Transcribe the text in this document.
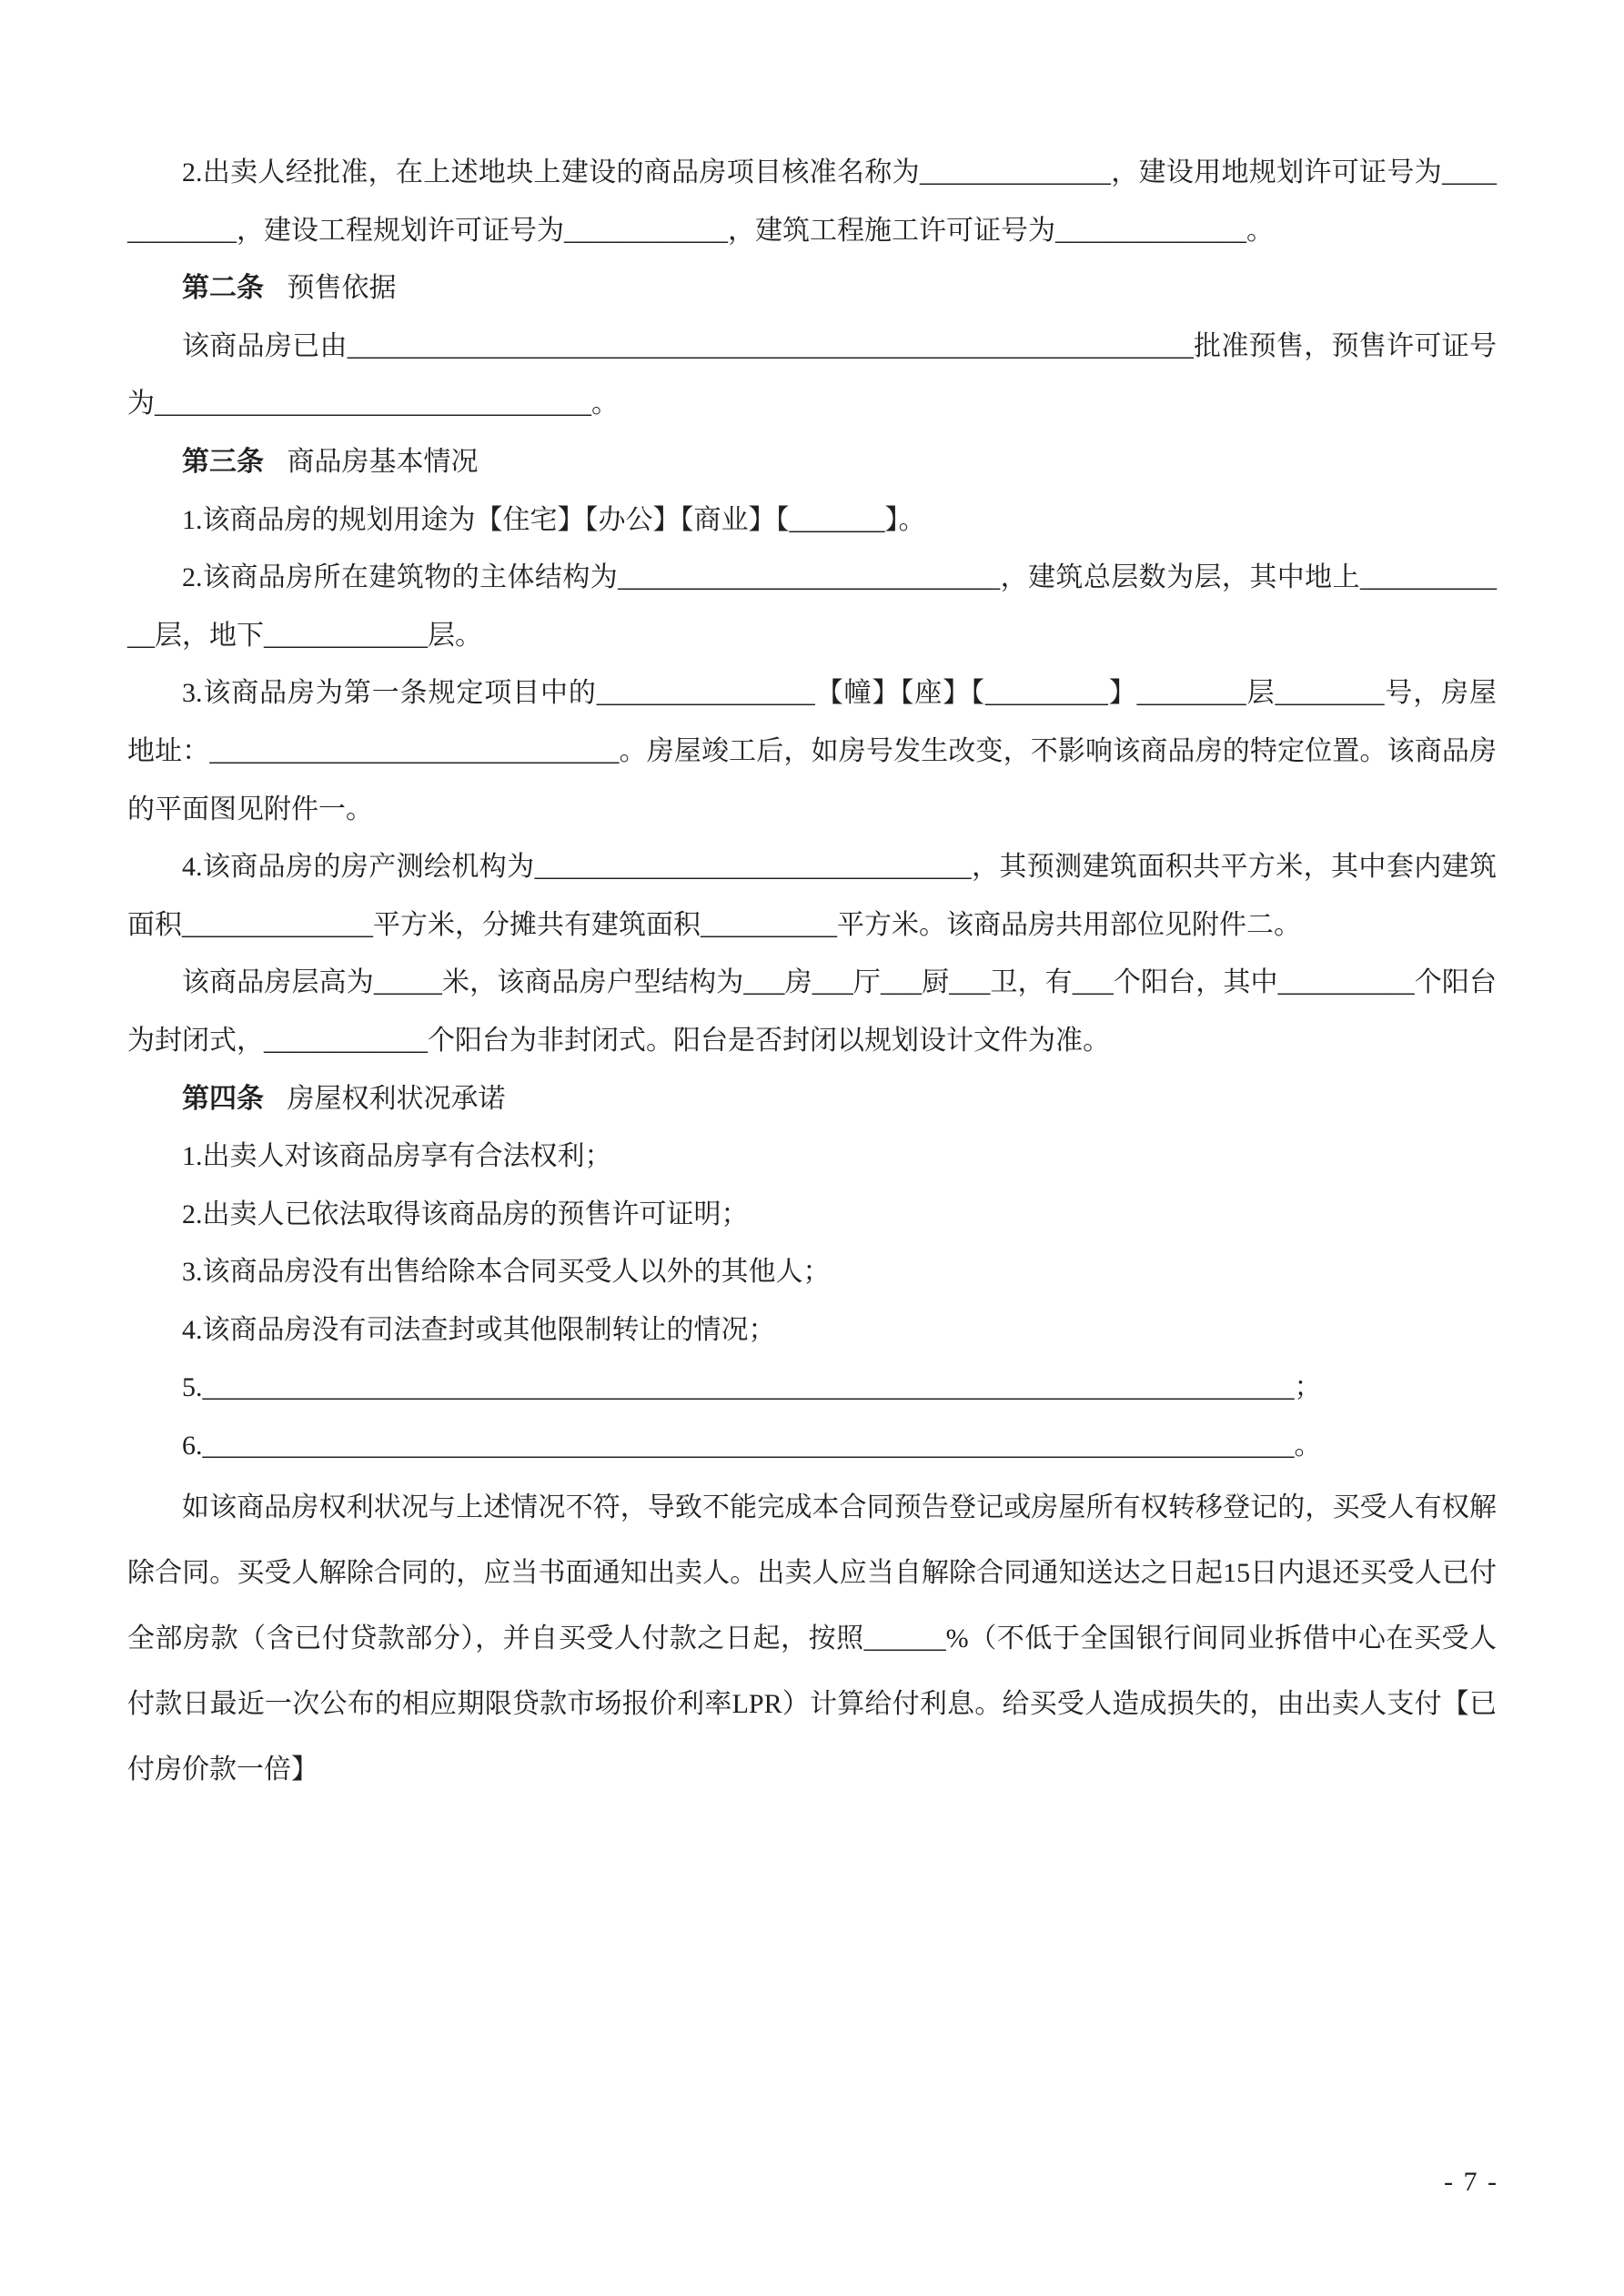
2.出卖人经批准，在上述地块上建设的商品房项目核准名称为______________，建设用地规划许可证号为____________，建设工程规划许可证号为____________，建筑工程施工许可证号为______________。

第二条 预售依据

该商品房已由______________________________________________________________批准预售，预售许可证号为________________________________。

第三条 商品房基本情况

1.该商品房的规划用途为【住宅】【办公】【商业】【_______】。

2.该商品房所在建筑物的主体结构为____________________________，建筑总层数为层，其中地上____________层，地下____________层。

3.该商品房为第一条规定项目中的________________【幢】【座】【_________】________层________号，房屋地址：______________________________。房屋竣工后，如房号发生改变，不影响该商品房的特定位置。该商品房的平面图见附件一。

4.该商品房的房产测绘机构为________________________________，其预测建筑面积共平方米，其中套内建筑面积______________平方米，分摊共有建筑面积__________平方米。该商品房共用部位见附件二。

该商品房层高为_____米，该商品房户型结构为___房___厅___厨___卫，有___个阳台，其中__________个阳台为封闭式，____________个阳台为非封闭式。阳台是否封闭以规划设计文件为准。

第四条 房屋权利状况承诺

1.出卖人对该商品房享有合法权利；

2.出卖人已依法取得该商品房的预售许可证明；

3.该商品房没有出售给除本合同买受人以外的其他人；

4.该商品房没有司法查封或其他限制转让的情况；

5.________________________________________________________________________________；

6.________________________________________________________________________________。

如该商品房权利状况与上述情况不符，导致不能完成本合同预告登记或房屋所有权转移登记的，买受人有权解除合同。买受人解除合同的，应当书面通知出卖人。出卖人应当自解除合同通知送达之日起15日内退还买受人已付全部房款（含已付贷款部分），并自买受人付款之日起，按照______%（不低于全国银行间同业拆借中心在买受人付款日最近一次公布的相应期限贷款市场报价利率LPR）计算给付利息。给买受人造成损失的，由出卖人支付【已付房价款一倍】

- 7 -
